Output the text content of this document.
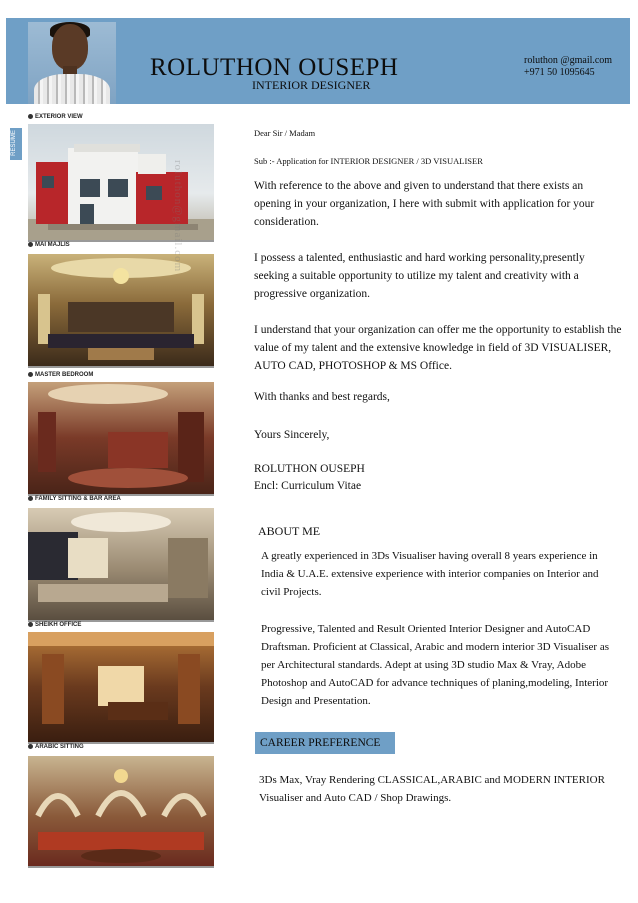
ROLUTHON OUSEPH
INTERIOR DESIGNER
roluthon @gmail.com
+971 50 1095645
RESUME
EXTERIOR VIEW
MAI MAJLIS
MASTER BEDROOM
FAMILY SITTING & BAR AREA
SHEIKH OFFICE
ARABIC SITTING
roluthon@gmail.com
Dear Sir / Madam
Sub :- Application for INTERIOR DESIGNER / 3D VISUALISER
With reference to the above and given to understand that there exists an opening in your organization, I here with submit with application for your consideration.
I possess a talented, enthusiastic and hard working personality,presently seeking a suitable opportunity to utilize my talent and creativity with a progressive organization.
I understand that your organization can offer me the opportunity to establish the value of my talent and the extensive knowledge in field of 3D VISUALISER, AUTO CAD, PHOTOSHOP & MS Office.
With thanks and best regards,
Yours Sincerely,
ROLUTHON OUSEPH
Encl: Curriculum Vitae
ABOUT ME
A greatly experienced in 3Ds Visualiser having overall 8 years experience in India & U.A.E. extensive experience with interior companies on Interior and civil Projects.
Progressive, Talented and Result Oriented Interior Designer and AutoCAD Draftsman. Proficient at Classical, Arabic and modern interior 3D Visualiser as per Architectural standards. Adept at using 3D studio Max & Vray, Adobe Photoshop and AutoCAD for advance techniques of planing,modeling, Interior Design and Presentation.
CAREER PREFERENCE
3Ds Max, Vray Rendering CLASSICAL,ARABIC and MODERN INTERIOR Visualiser and Auto CAD / Shop Drawings.
